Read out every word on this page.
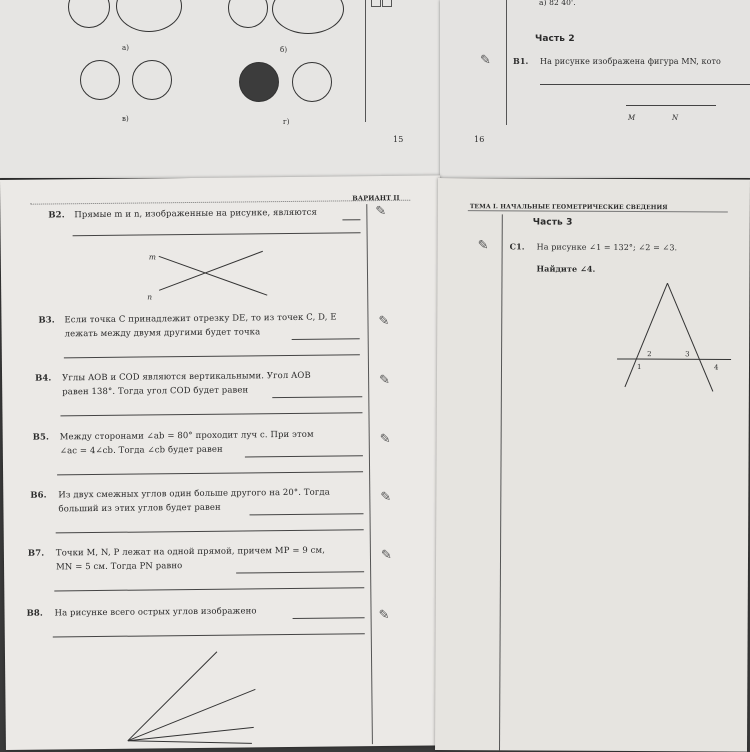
а)	б)
в)	г)
15	16
а) 82 40'.
Часть 2
✎	В1. На рисунке изображена фигура MN, кото
M	N
ВАРИАНТ II
В2. Прямые m и n, изображенные на рисунке, являются	✎
m
n
В3. Если точка C принадлежит отрезку DE, то из точек C, D, E
лежать между двумя другими будет точка
✎
В4. Углы AOB и COD являются вертикальными. Угол AOB
равен 138°. Тогда угол COD будет равен
✎
В5. Между сторонами ∠ab = 80° проходит луч c. При этом
∠ac = 4∠cb. Тогда ∠cb будет равен
✎
В6. Из двух смежных углов один больше другого на 20°. Тогда
больший из этих углов будет равен
✎
В7. Точки M, N, P лежат на одной прямой, причем MP = 9 см,
MN = 5 см. Тогда PN равно
✎
В8. На рисунке всего острых углов изображено	✎
ТЕМА I. НАЧАЛЬНЫЕ ГЕОМЕТРИЧЕСКИЕ СВЕДЕНИЯ
Часть 3
✎	С1. На рисунке ∠1 = 132°; ∠2 = ∠3.
Найдите ∠4.
1
2	3
4
